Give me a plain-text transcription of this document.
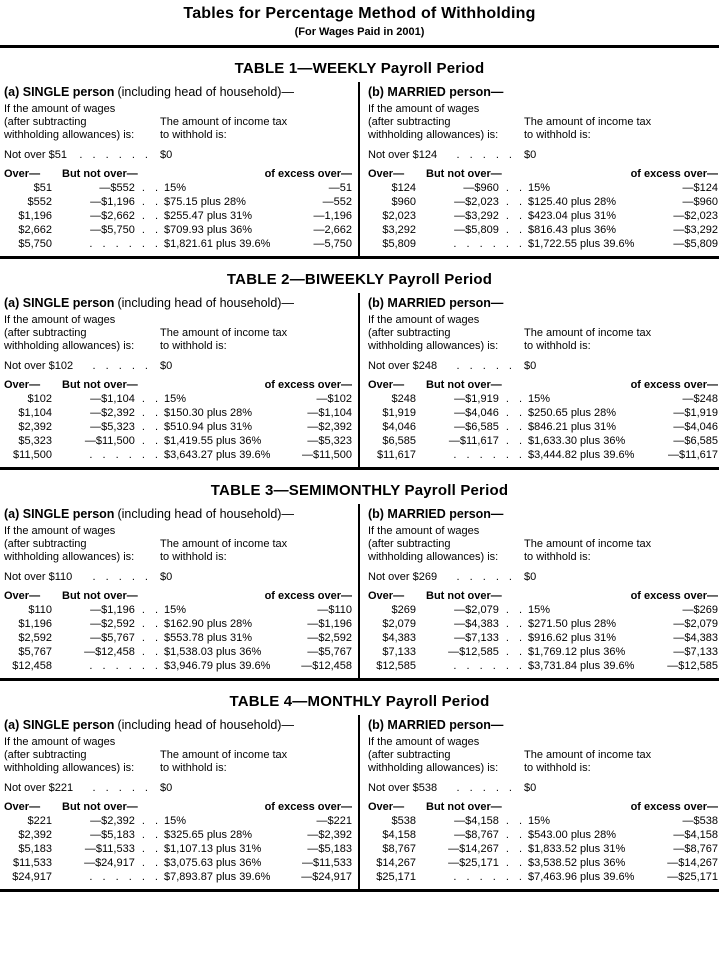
Tables for Percentage Method of Withholding
(For Wages Paid in 2001)
TABLE 1—WEEKLY Payroll Period
(a) SINGLE person (including head of household)—
If the amount of wages
(after subtracting
withholding allowances) is:
The amount of income tax
to withhold is:
Not over $51 . . . . . . $0
Over—	But not over—	of excess over—
$51	—$552 . . 15%	—51
$552	—$1,196 . . $75.15 plus 28%	—552
$1,196	—$2,662 . . $255.47 plus 31%	—1,196
$2,662	—$5,750 . . $709.93 plus 36%	—2,662
$5,750	. . . . . . $1,821.61 plus 39.6%	—5,750
(b) MARRIED person—
If the amount of wages
(after subtracting
withholding allowances) is:
The amount of income tax
to withhold is:
Not over $124 . . . . . $0
Over—	But not over—	of excess over—
$124	—$960 . . 15%	—$124
$960	—$2,023 . . $125.40 plus 28%	—$960
$2,023	—$3,292 . . $423.04 plus 31%	—$2,023
$3,292	—$5,809 . . $816.43 plus 36%	—$3,292
$5,809	. . . . . . $1,722.55 plus 39.6%	—$5,809
TABLE 2—BIWEEKLY Payroll Period
(a) SINGLE person (including head of household)—
If the amount of wages
(after subtracting
withholding allowances) is:
The amount of income tax
to withhold is:
Not over $102 . . . . . $0
Over—	But not over—	of excess over—
$102	—$1,104 . . 15%	—$102
$1,104	—$2,392 . . $150.30 plus 28%	—$1,104
$2,392	—$5,323 . . $510.94 plus 31%	—$2,392
$5,323	—$11,500 . . $1,419.55 plus 36%	—$5,323
$11,500	. . . . . . $3,643.27 plus 39.6%	—$11,500
(b) MARRIED person—
If the amount of wages
(after subtracting
withholding allowances) is:
The amount of income tax
to withhold is:
Not over $248 . . . . . $0
Over—	But not over—	of excess over—
$248	—$1,919 . . 15%	—$248
$1,919	—$4,046 . . $250.65 plus 28%	—$1,919
$4,046	—$6,585 . . $846.21 plus 31%	—$4,046
$6,585	—$11,617 . . $1,633.30 plus 36%	—$6,585
$11,617	. . . . . . $3,444.82 plus 39.6%	—$11,617
TABLE 3—SEMIMONTHLY Payroll Period
(a) SINGLE person (including head of household)—
If the amount of wages
(after subtracting
withholding allowances) is:
The amount of income tax
to withhold is:
Not over $110 . . . . . $0
Over—	But not over—	of excess over—
$110	—$1,196 . . 15%	—$110
$1,196	—$2,592 . . $162.90 plus 28%	—$1,196
$2,592	—$5,767 . . $553.78 plus 31%	—$2,592
$5,767	—$12,458 . . $1,538.03 plus 36%	—$5,767
$12,458	. . . . . . $3,946.79 plus 39.6%	—$12,458
(b) MARRIED person—
If the amount of wages
(after subtracting
withholding allowances) is:
The amount of income tax
to withhold is:
Not over $269 . . . . . $0
Over—	But not over—	of excess over—
$269	—$2,079 . . 15%	—$269
$2,079	—$4,383 . . $271.50 plus 28%	—$2,079
$4,383	—$7,133 . . $916.62 plus 31%	—$4,383
$7,133	—$12,585 . . $1,769.12 plus 36%	—$7,133
$12,585	. . . . . . $3,731.84 plus 39.6%	—$12,585
TABLE 4—MONTHLY Payroll Period
(a) SINGLE person (including head of household)—
If the amount of wages
(after subtracting
withholding allowances) is:
The amount of income tax
to withhold is:
Not over $221 . . . . . $0
Over—	But not over—	of excess over—
$221	—$2,392 . . 15%	—$221
$2,392	—$5,183 . . $325.65 plus 28%	—$2,392
$5,183	—$11,533 . . $1,107.13 plus 31%	—$5,183
$11,533	—$24,917 . . $3,075.63 plus 36%	—$11,533
$24,917	. . . . . . $7,893.87 plus 39.6%	—$24,917
(b) MARRIED person—
If the amount of wages
(after subtracting
withholding allowances) is:
The amount of income tax
to withhold is:
Not over $538 . . . . . $0
Over—	But not over—	of excess over—
$538	—$4,158 . . 15%	—$538
$4,158	—$8,767 . . $543.00 plus 28%	—$4,158
$8,767	—$14,267 . . $1,833.52 plus 31%	—$8,767
$14,267	—$25,171 . . $3,538.52 plus 36%	—$14,267
$25,171	. . . . . . $7,463.96 plus 39.6%	—$25,171
